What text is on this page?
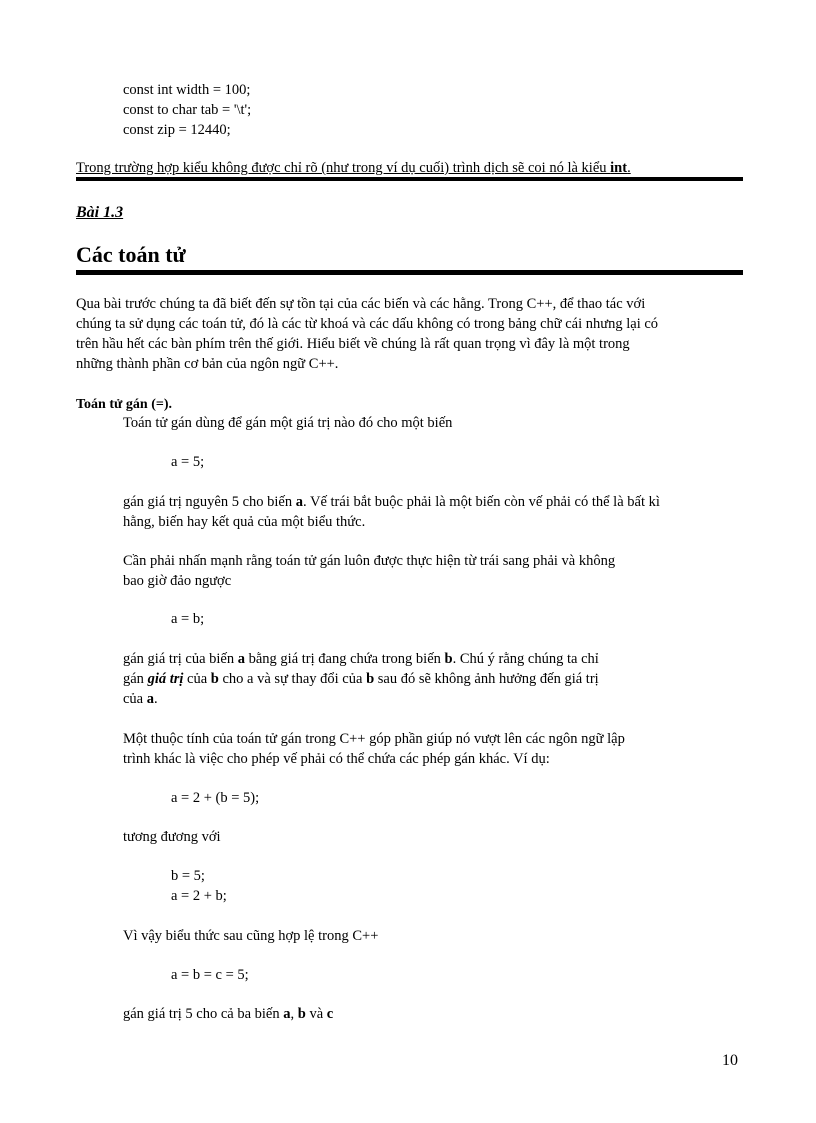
const int width = 100;
const to char tab = '\t';
const zip = 12440;
Trong trường hợp kiểu không được chỉ rõ (như trong ví dụ cuối) trình dịch sẽ coi nó là kiểu int.
Bài 1.3
Các toán tử
Qua bài trước chúng ta đã biết đến sự tồn tại của các biến và các hằng. Trong C++, để thao tác với
chúng ta sử dụng các toán tử, đó là các từ khoá và các dấu không có trong bảng chữ cái nhưng lại có
trên hầu hết các bàn phím trên thế giới. Hiểu biết về chúng là rất quan trọng vì đây là một trong
những thành phần cơ bản của ngôn ngữ C++.
Toán tử gán (=).
Toán tử gán dùng để gán một giá trị nào đó cho một biến
a = 5;
gán giá trị nguyên 5 cho biến a. Vế trái bắt buộc phải là một biến còn vế phải có thể là bất kì
hằng, biến hay kết quả của một biểu thức.
Cần phải nhấn mạnh rằng toán tử gán luôn được thực hiện từ trái sang phải và không
bao giờ đảo ngược
a = b;
gán giá trị của biến a bằng giá trị đang chứa trong biến b. Chú ý rằng chúng ta chỉ
gán giá trị của b cho a và sự thay đổi của b sau đó sẽ không ảnh hưởng đến giá trị
của a.
Một thuộc tính của toán tử gán trong C++ góp phần giúp nó vượt lên các ngôn ngữ lập
trình khác là việc cho phép vế phải có thể chứa các phép gán khác. Ví dụ:
a = 2 + (b = 5);
tương đương với
b = 5;
a = 2 + b;
Vì vậy biểu thức sau cũng hợp lệ trong C++
a = b = c = 5;
gán giá trị 5 cho cả ba biến a, b và c
10
